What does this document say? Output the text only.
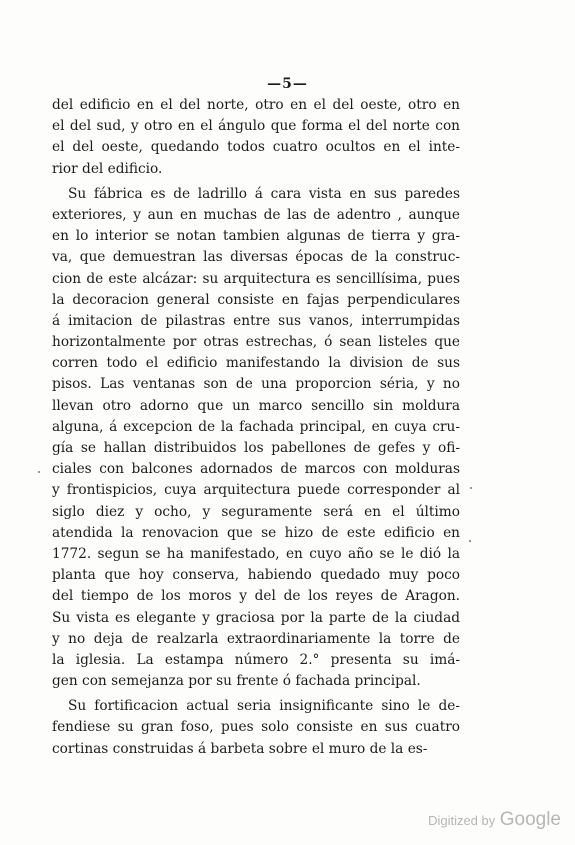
—5—
del edificio en el del norte, otro en el del oeste, otro en
el del sud, y otro en el ángulo que forma el del norte con
el del oeste, quedando todos cuatro ocultos en el inte-
rior del edificio.
Su fábrica es de ladrillo á cara vista en sus paredes
exteriores, y aun en muchas de las de adentro , aunque
en lo interior se notan tambien algunas de tierra y gra-
va, que demuestran las diversas épocas de la construc-
cion de este alcázar: su arquitectura es sencillísima, pues
la decoracion general consiste en fajas perpendiculares
á imitacion de pilastras entre sus vanos, interrumpidas
horizontalmente por otras estrechas, ó sean listeles que
corren todo el edificio manifestando la division de sus
pisos. Las ventanas son de una proporcion séria, y no
llevan otro adorno que un marco sencillo sin moldura
alguna, á excepcion de la fachada principal, en cuya cru-
gía se hallan distribuidos los pabellones de gefes y ofi-
ciales con balcones adornados de marcos con molduras
y frontispicios, cuya arquitectura puede corresponder al
siglo diez y ocho, y seguramente será en el último
atendida la renovacion que se hizo de este edificio en
1772. segun se ha manifestado, en cuyo año se le dió la
planta que hoy conserva, habiendo quedado muy poco
del tiempo de los moros y del de los reyes de Aragon.
Su vista es elegante y graciosa por la parte de la ciudad
y no deja de realzarla extraordinariamente la torre de
la iglesia. La estampa número 2.° presenta su imá-
gen con semejanza por su frente ó fachada principal.
Su fortificacion actual seria insignificante sino le de-
fendiese su gran foso, pues solo consiste en sus cuatro
cortinas construidas á barbeta sobre el muro de la es-
Digitized by Google
